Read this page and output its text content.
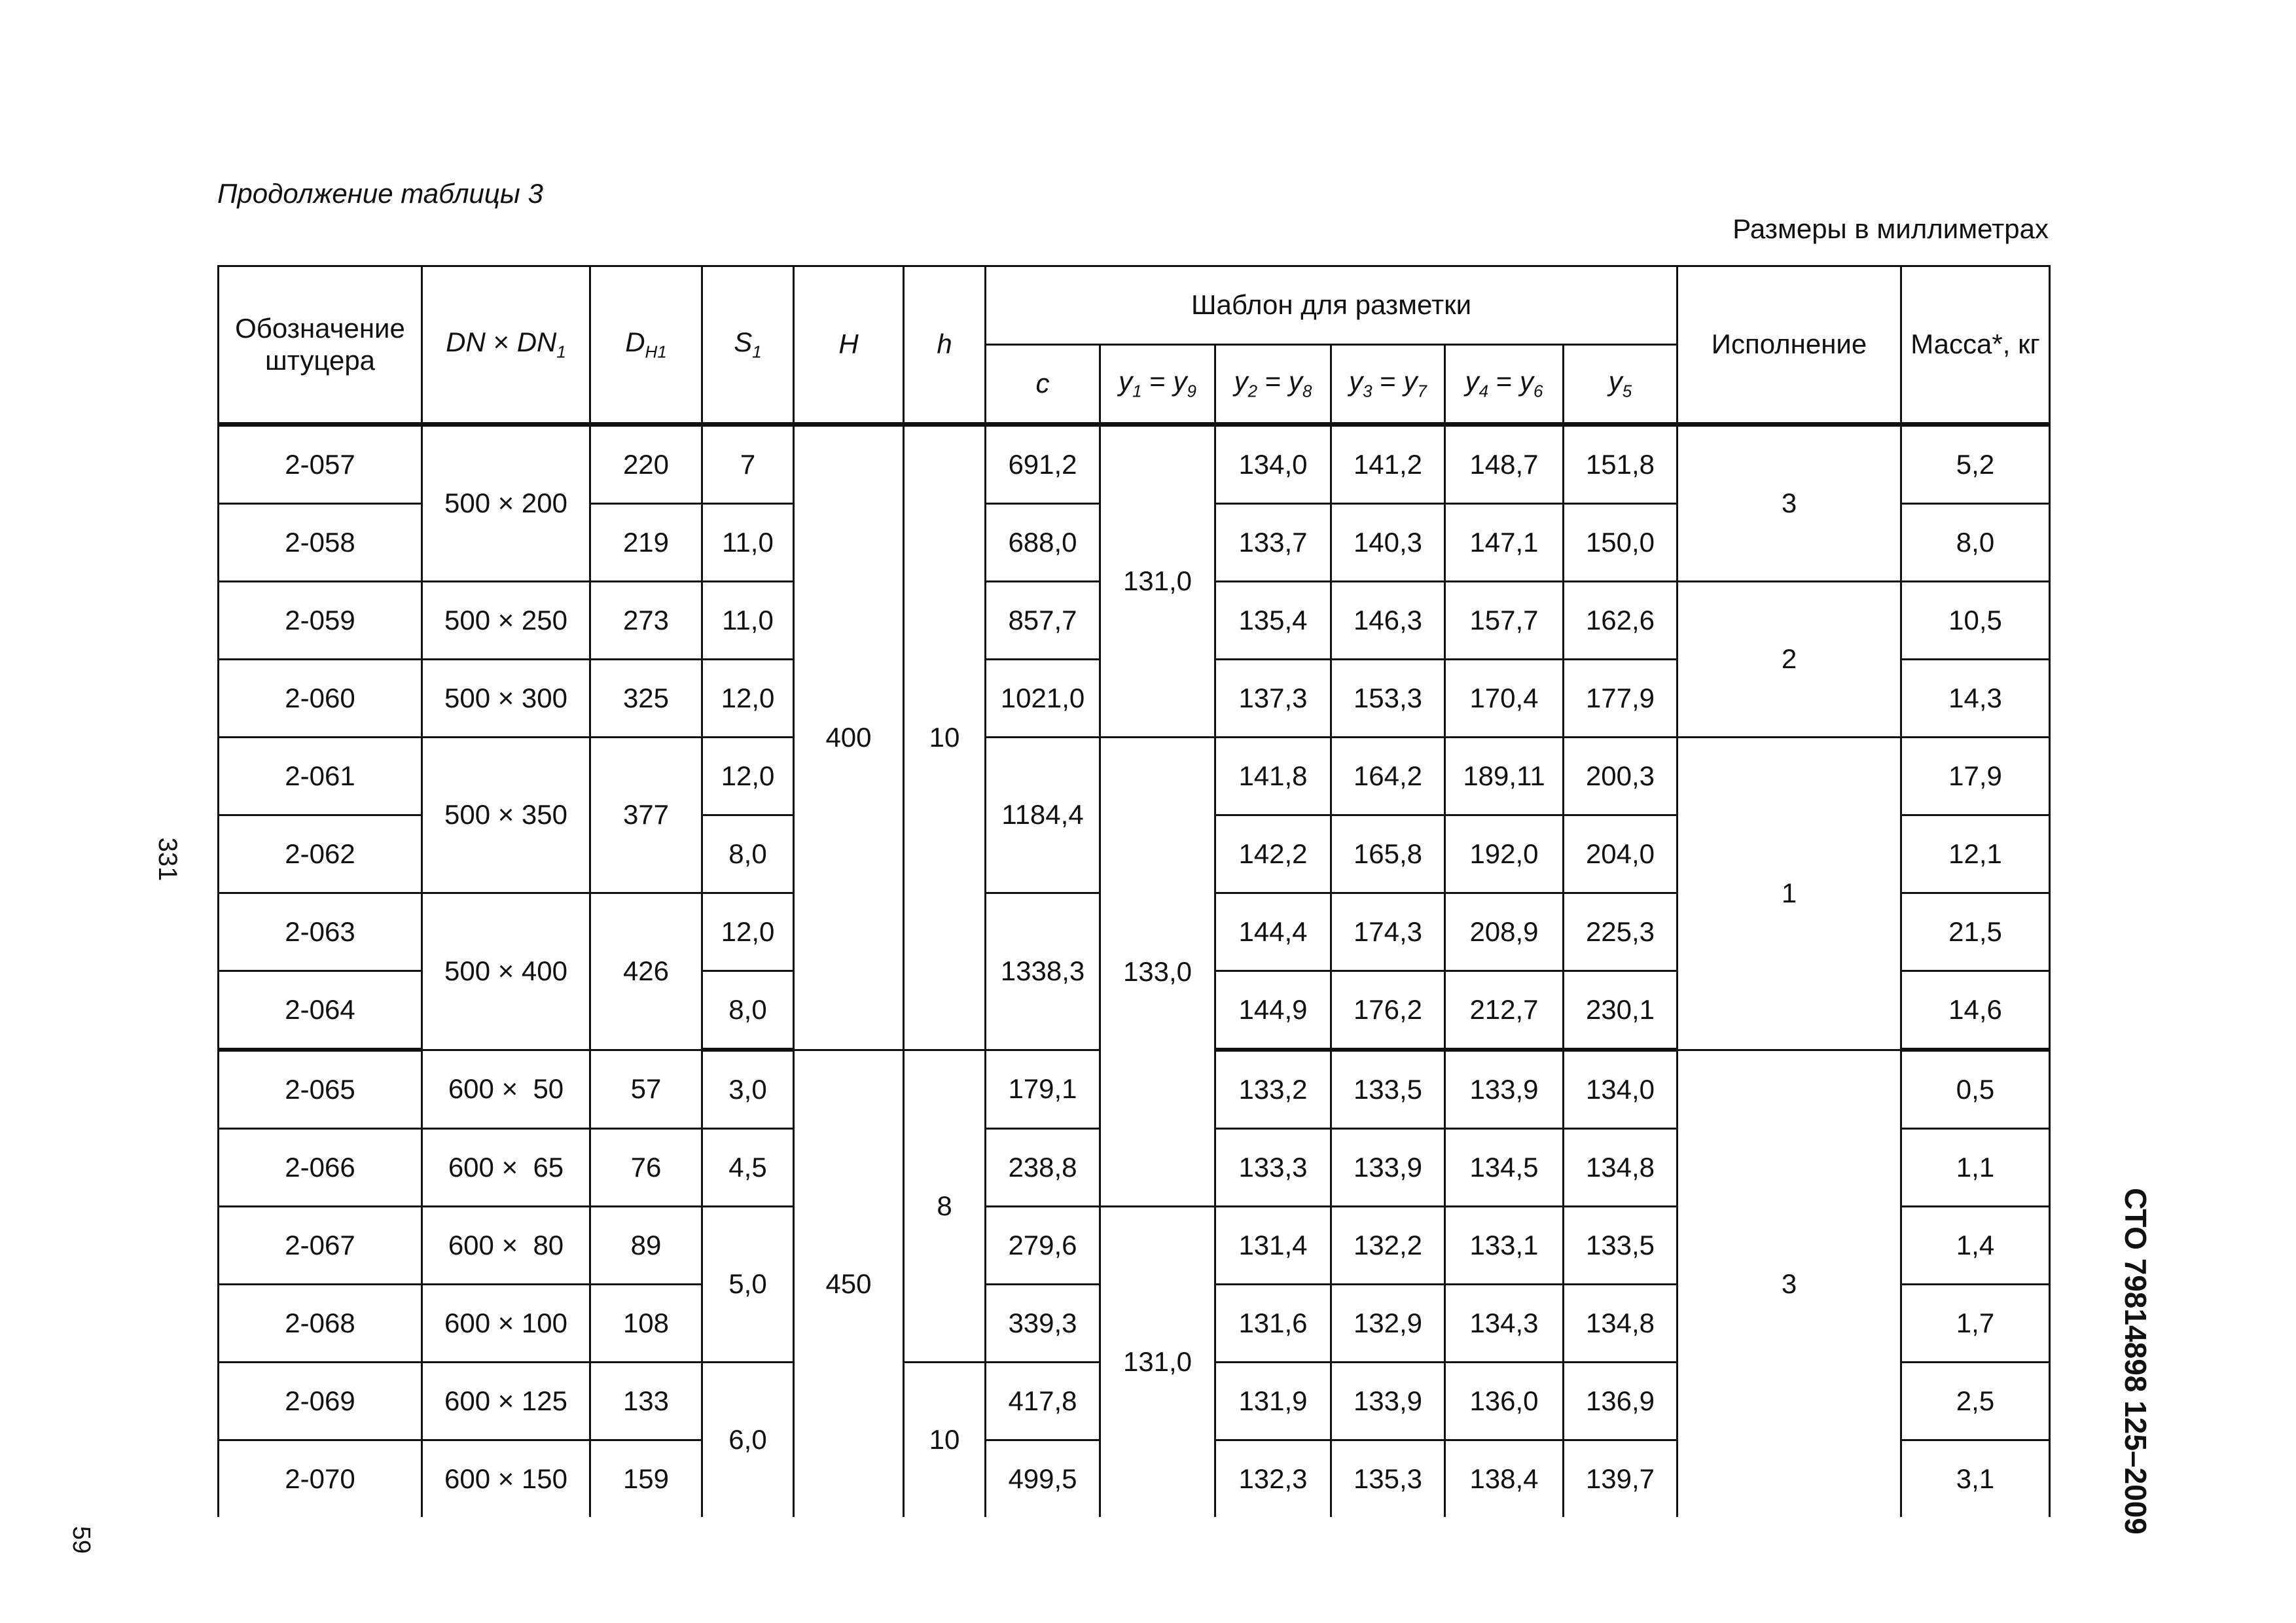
Продолжение таблицы 3
Размеры в миллиметрах
331
59
СТО 79814898 125–2009
Обозначение штуцера	DN × $DN_1$	$D_{H1}$	$S_1$	H	h	Шаблон для разметки						Исполнение	Масса*, кг
						c	$y_1 = y_9$	$y_2 = y_8$	$y_3 = y_7$	$y_4 = y_6$	$y_5$
2-057	500 × 200	220	7	400	10	691,2	131,0	134,0	141,2	148,7	151,8	3	5,2
2-058		219	11,0			688,0		133,7	140,3	147,1	150,0		8,0
2-059	500 × 250	273	11,0			857,7		135,4	146,3	157,7	162,6	2	10,5
2-060	500 × 300	325	12,0			1021,0		137,3	153,3	170,4	177,9		14,3
2-061	500 × 350	377	12,0			1184,4	133,0	141,8	164,2	189,11	200,3	1	17,9
2-062			8,0					142,2	165,8	192,0	204,0		12,1
2-063	500 × 400	426	12,0			1338,3		144,4	174,3	208,9	225,3		21,5
2-064			8,0					144,9	176,2	212,7	230,1		14,6
2-065	600 ×  50	57	3,0	450	8	179,1		133,2	133,5	133,9	134,0	3	0,5
2-066	600 ×  65	76	4,5			238,8		133,3	133,9	134,5	134,8		1,1
2-067	600 ×  80	89	5,0			279,6	131,0	131,4	132,2	133,1	133,5		1,4
2-068	600 × 100	108				339,3		131,6	132,9	134,3	134,8		1,7
2-069	600 × 125	133	6,0		10	417,8		131,9	133,9	136,0	136,9		2,5
2-070	600 × 150	159				499,5		132,3	135,3	138,4	139,7		3,1
